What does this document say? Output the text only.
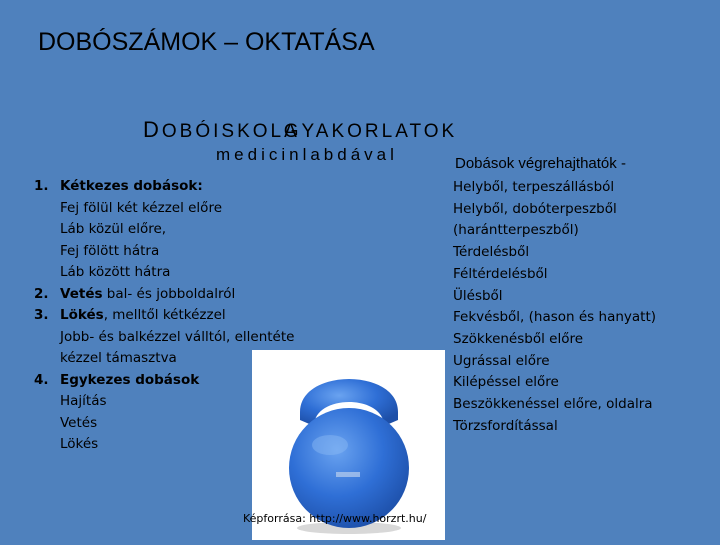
DOBÓSZÁMOK – OKTATÁSA
DOBÓISKOLAGYAKORLATOK
medicinlabdával
1. Kétkezes dobások:
Fej fölül két kézzel előre
Láb közül előre,
Fej fölött hátra
Láb között hátra
2. Vetés bal- és jobboldalról
3. Lökés, melltől kétkézzel
Jobb- és balkézzel válltól, ellentéte
kézzel támasztva
4. Egykezes dobások
Hajítás
Vetés
Lökés
Dobások végrehajthatók -
Helyből, terpeszállásból
Helyből, dobóterpeszből
(harántterpeszből)
Térdelésből
Féltérdelésből
Ülésből
Fekvésből, (hason és hanyatt)
Szökkenésből előre
Ugrással előre
Kilépéssel előre
Beszökkenéssel előre, oldalra
Törzsfordítással
Képforrása: http://www.horzrt.hu/
